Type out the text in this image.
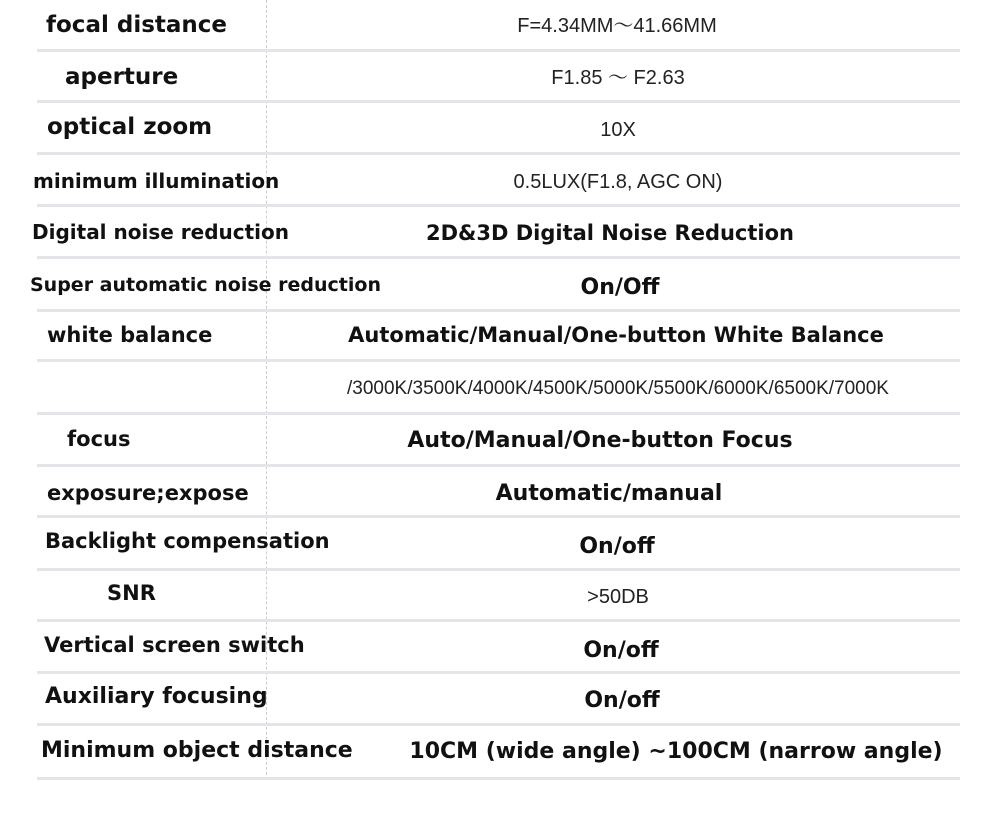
focal distance	F=4.34MM～41.66MM
aperture	F1.85 ～ F2.63
optical zoom	10X
minimum illumination	0.5LUX(F1.8, AGC ON)
Digital noise reduction	2D&3D Digital Noise Reduction
Super automatic noise reduction	On/Off
white balance	Automatic/Manual/One-button White Balance
/3000K/3500K/4000K/4500K/5000K/5500K/6000K/6500K/7000K
focus	Auto/Manual/One-button Focus
exposure;expose	Automatic/manual
Backlight compensation	On/off
SNR	>50DB
Vertical screen switch	On/off
Auxiliary focusing	On/off
Minimum object distance	10CM (wide angle) ~100CM (narrow angle)
